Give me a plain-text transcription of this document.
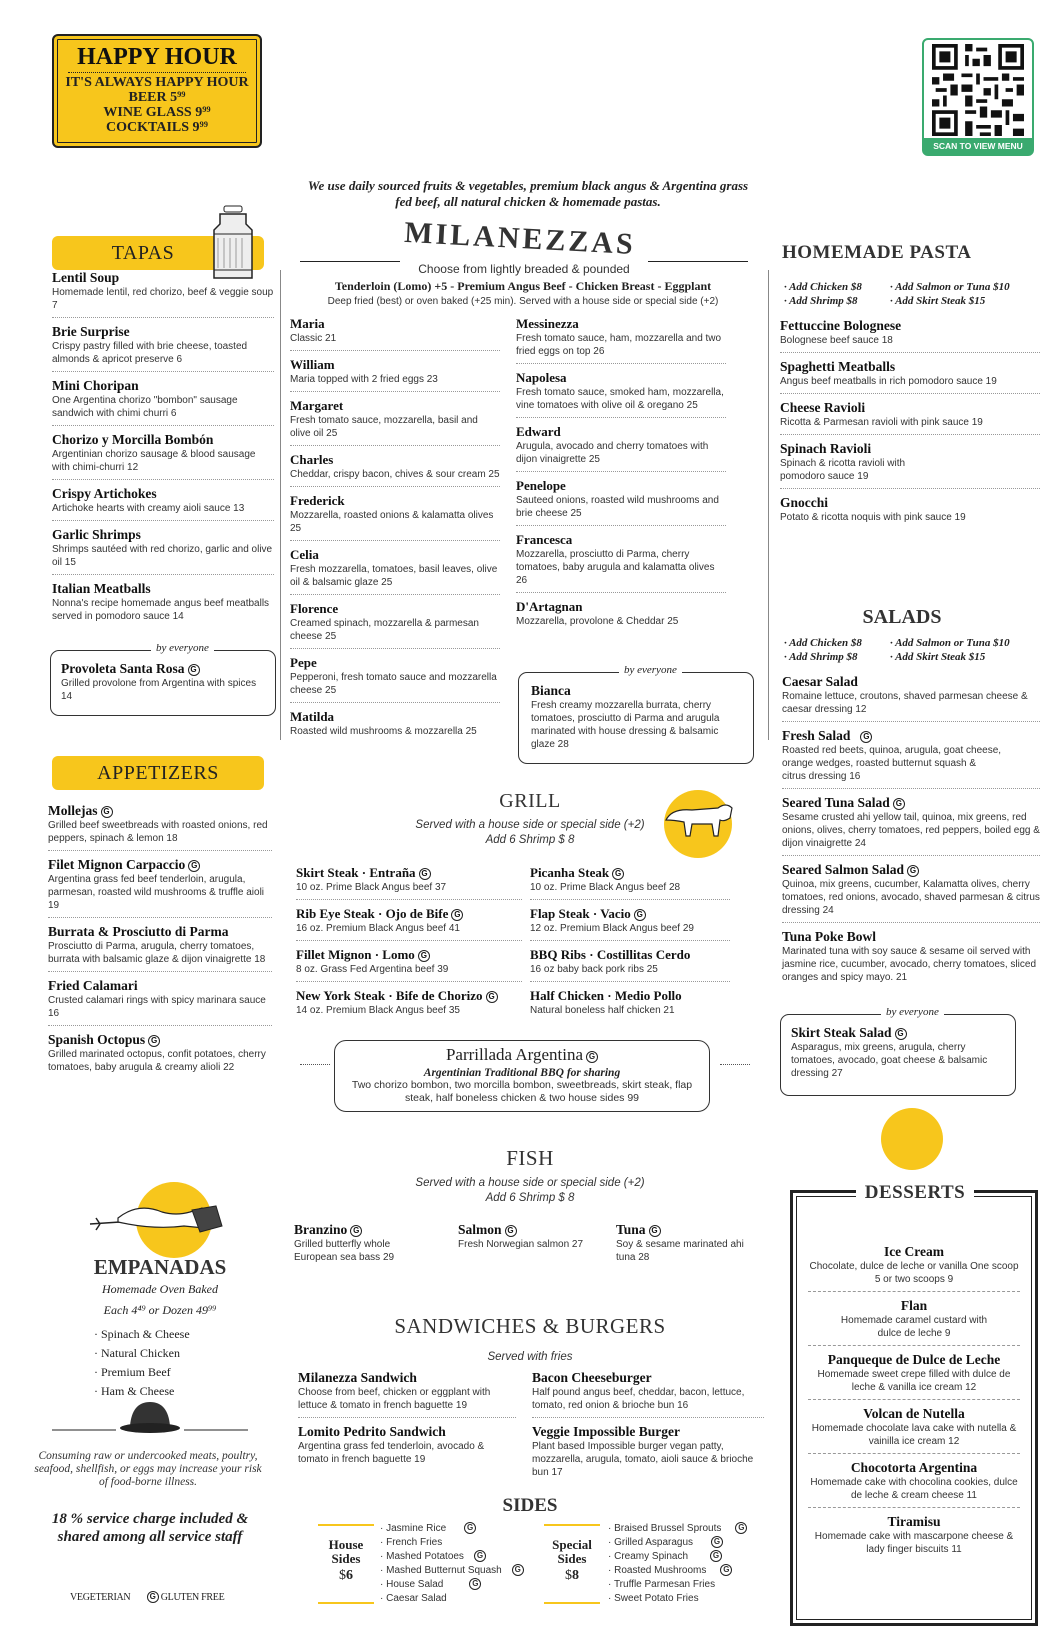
HAPPY HOUR
IT'S ALWAYS HAPPY HOUR
BEER 5⁹⁹
WINE GLASS 9⁹⁹
COCKTAILS 9⁹⁹
TAPAS
Lentil Soup
Homemade lentil, red chorizo, beef & veggie soup 7
Brie Surprise
Crispy pastry filled with brie cheese, toasted almonds & apricot preserve 6
Mini Choripan
One Argentina chorizo "bombon" sausage sandwich with chimi churri 6
Chorizo y Morcilla Bombón
Argentinian chorizo sausage & blood sausage with chimi-churri 12
Crispy Artichokes
Artichoke hearts with creamy aioli sauce 13
Garlic Shrimps
Shrimps sautéed with red chorizo, garlic and olive oil 15
Italian Meatballs
Nonna's recipe homemade angus beef meatballs served in pomodoro sauce 14
by everyone
Provoleta Santa Rosa G
Grilled provolone from Argentina with spices 14
APPETIZERS
Mollejas G
Grilled beef sweetbreads with roasted onions, red peppers, spinach & lemon 18
Filet Mignon Carpaccio G
Argentina grass fed beef tenderloin, arugula, parmesan, roasted wild mushrooms & truffle aioli 19
Burrata & Prosciutto di Parma
Prosciutto di Parma, arugula, cherry tomatoes, burrata with balsamic glaze & dijon vinaigrette 18
Fried Calamari
Crusted calamari rings with spicy marinara sauce 16
Spanish Octopus G
Grilled marinated octopus, confit potatoes, cherry tomatoes, baby arugula & creamy alioli 22
EMPANADAS
Homemade Oven Baked
Each 4⁴⁹ or Dozen 49⁹⁹
· Spinach & Cheese
· Natural Chicken
· Premium Beef
· Ham & Cheese
Consuming raw or undercooked meats, poultry, seafood, shellfish, or eggs may increase your risk of food-borne illness.
18 % service charge included & shared among all service staff
VEGETERIAN G GLUTEN FREE
We use daily sourced fruits & vegetables, premium black angus & Argentina grass fed beef, all natural chicken & homemade pastas.
MILANEZZAS
Choose from lightly breaded & pounded
Tenderloin (Lomo) +5 - Premium Angus Beef - Chicken Breast - Eggplant
Deep fried (best) or oven baked (+25 min). Served with a house side or special side (+2)
Maria
Classic 21
William
Maria topped with 2 fried eggs 23
Margaret
Fresh tomato sauce, mozzarella, basil and olive oil 25
Charles
Cheddar, crispy bacon, chives & sour cream 25
Frederick
Mozzarella, roasted onions & kalamatta olives 25
Celia
Fresh mozzarella, tomatoes, basil leaves, olive oil & balsamic glaze 25
Florence
Creamed spinach, mozzarella & parmesan cheese 25
Pepe
Pepperoni, fresh tomato sauce and mozzarella cheese 25
Matilda
Roasted wild mushrooms & mozzarella 25
Messinezza
Fresh tomato sauce, ham, mozzarella and two fried eggs on top 26
Napolesa
Fresh tomato sauce, smoked ham, mozzarella, vine tomatoes with olive oil & oregano 25
Edward
Arugula, avocado and cherry tomatoes with dijon vinaigrette 25
Penelope
Sauteed onions, roasted wild mushrooms and brie cheese 25
Francesca
Mozzarella, prosciutto di Parma, cherry tomatoes, baby arugula and kalamatta olives 26
D'Artagnan
Mozzarella, provolone & Cheddar 25
by everyone
Bianca
Fresh creamy mozzarella burrata, cherry tomatoes, prosciutto di Parma and arugula marinated with house dressing & balsamic glaze 28
GRILL
Served with a house side or special side (+2)
Add 6 Shrimp $ 8
Skirt Steak · Entraña G
10 oz. Prime Black Angus beef 37
Rib Eye Steak · Ojo de Bife G
16 oz. Premium Black Angus beef 41
Fillet Mignon · Lomo G
8 oz. Grass Fed Argentina beef 39
New York Steak · Bife de Chorizo G
14 oz. Premium Black Angus beef 35
Picanha Steak G
10 oz. Prime Black Angus beef 28
Flap Steak · Vacio G
12 oz. Premium Black Angus beef 29
BBQ Ribs · Costillitas Cerdo
16 oz baby back pork ribs 25
Half Chicken · Medio Pollo
Natural boneless half chicken 21
Parrillada Argentina G
Argentinian Traditional BBQ for sharing
Two chorizo bombon, two morcilla bombon, sweetbreads, skirt steak, flap steak, half boneless chicken & two house sides 99
FISH
Served with a house side or special side (+2)
Add 6 Shrimp $ 8
Branzino G
Grilled butterfly whole European sea bass 29
Salmon G
Fresh Norwegian salmon 27
Tuna G
Soy & sesame marinated ahi tuna 28
SANDWICHES & BURGERS
Served with fries
Milanezza Sandwich
Choose from beef, chicken or eggplant with lettuce & tomato in french baguette 19
Lomito Pedrito Sandwich
Argentina grass fed tenderloin, avocado & tomato in french baguette 19
Bacon Cheeseburger
Half pound angus beef, cheddar, bacon, lettuce, tomato, red onion & brioche bun 16
Veggie Impossible Burger
Plant based Impossible burger vegan patty, mozzarella, arugula, tomato, aioli sauce & brioche bun 17
SIDES
House
Sides
$6
· Jasmine Rice	G
· French Fries
· Mashed Potatoes G
· Mashed Butternut Squash G
· House Salad	G
· Caesar Salad
Special
Sides
$8
· Braised Brussel Sprouts G
· Grilled Asparagus	G
· Creamy Spinach	G
· Roasted Mushrooms G
· Truffle Parmesan Fries
· Sweet Potato Fries
SCAN TO VIEW MENU
HOMEMADE PASTA
· Add Chicken $8	· Add Salmon or Tuna $10
· Add Shrimp $8	· Add Skirt Steak $15
Fettuccine Bolognese
Bolognese beef sauce 18
Spaghetti Meatballs
Angus beef meatballs in rich pomodoro sauce 19
Cheese Ravioli
Ricotta & Parmesan ravioli with pink sauce 19
Spinach Ravioli
Spinach & ricotta ravioli with pomodoro sauce 19
Gnocchi
Potato & ricotta noquis with pink sauce 19
SALADS
· Add Chicken $8	· Add Salmon or Tuna $10
· Add Shrimp $8	· Add Skirt Steak $15
Caesar Salad
Romaine lettuce, croutons, shaved parmesan cheese & caesar dressing 12
Fresh Salad G
Roasted red beets, quinoa, arugula, goat cheese, orange wedges, roasted butternut squash & citrus dressing 16
Seared Tuna Salad G
Sesame crusted ahi yellow tail, quinoa, mix greens, red onions, olives, cherry tomatoes, red peppers, boiled egg & dijon vinaigrette 24
Seared Salmon Salad G
Quinoa, mix greens, cucumber, Kalamatta olives, cherry tomatoes, red onions, avocado, shaved parmesan & citrus dressing 24
Tuna Poke Bowl
Marinated tuna with soy sauce & sesame oil served with jasmine rice, cucumber, avocado, cherry tomatoes, sliced oranges and spicy mayo. 21
by everyone
Skirt Steak Salad G
Asparagus, mix greens, arugula, cherry tomatoes, avocado, goat cheese & balsamic dressing 27
DESSERTS
Ice Cream
Chocolate, dulce de leche or vanilla One scoop 5 or two scoops 9
Flan
Homemade caramel custard with dulce de leche 9
Panqueque de Dulce de Leche
Homemade sweet crepe filled with dulce de leche & vanilla ice cream 12
Volcan de Nutella
Homemade chocolate lava cake with nutella & vainilla ice cream 12
Chocotorta Argentina
Homemade cake with chocolina cookies, dulce de leche & cream cheese 11
Tiramisu
Homemade cake with mascarpone cheese & lady finger biscuits 11
